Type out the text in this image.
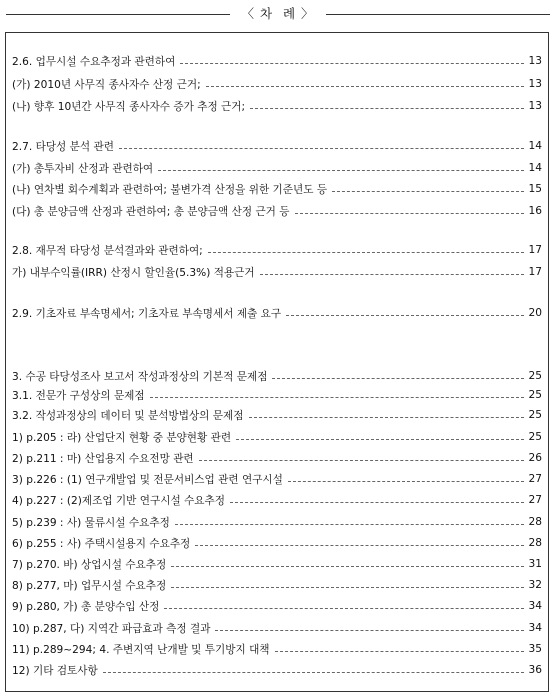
〈 차  례 〉
2.6. 업무시설 수요추정과 관련하여	13
(가) 2010년 사무직 종사자수 산정 근거;	13
(나) 향후 10년간 사무직 종사자수 증가 추정 근거;	13
2.7. 타당성 분석 관련	14
(가) 총투자비 산정과 관련하여	14
(나) 연차별 회수계획과 관련하여; 불변가격 산정을 위한 기준년도 등	15
(다) 총 분양금액 산정과 관련하여; 총 분양금액 산정 근거 등	16
2.8. 재무적 타당성 분석결과와 관련하여;	17
가) 내부수익률(IRR) 산정시 할인율(5.3%) 적용근거	17
2.9. 기초자료 부속명세서; 기초자료 부속명세서 제출 요구	20
3. 수공 타당성조사 보고서 작성과정상의 기본적 문제점	25
3.1. 전문가 구성상의 문제점	25
3.2. 작성과정상의 데이터 및 분석방법상의 문제점	25
1) p.205 : 라) 산업단지 현황 중 분양현황 관련	25
2) p.211 : 마) 산업용지 수요전망 관련	26
3) p.226 : (1) 연구개발업 및 전문서비스업 관련 연구시설	27
4) p.227 : (2)제조업 기반 연구시설 수요추정	27
5) p.239 : 사) 물류시설 수요추정	28
6) p.255 : 사) 주택시설용지 수요추정	28
7) p.270. 바) 상업시설 수요추정	31
8) p.277, 마) 업무시설 수요추정	32
9) p.280, 가) 총 분양수입 산정	34
10) p.287, 다) 지역간 파급효과 측정 결과	34
11) p.289~294; 4. 주변지역 난개발 및 투기방지 대책	35
12) 기타 검토사항	36
